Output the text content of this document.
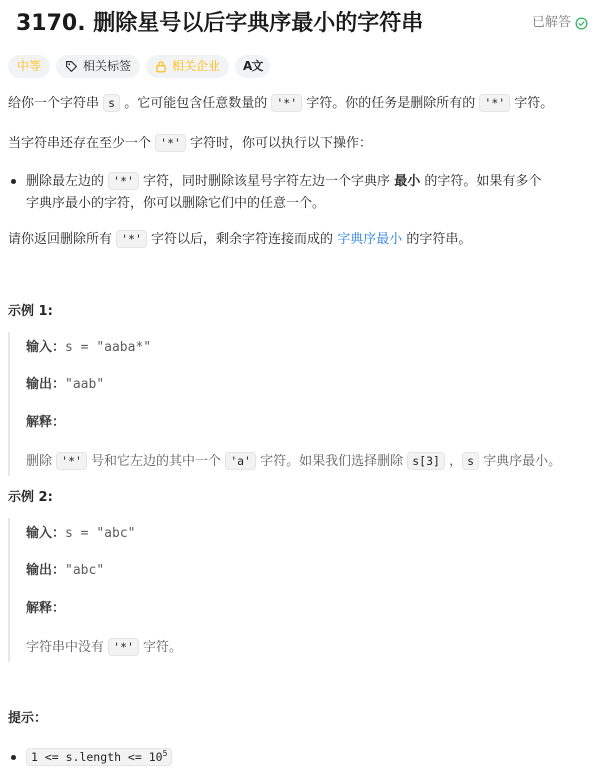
3170. 删除星号以后字典序最小的字符串	已解答
中等	相关标签	相关企业 A文

给你一个字符串 s 。它可能包含任意数量的 '*' 字符。你的任务是删除所有的 '*' 字符。

当字符串还存在至少一个 '*' 字符时，你可以执行以下操作：

删除最左边的 '*' 字符，同时删除该星号字符左边一个字典序 最小 的字符。如果有多个
字典序最小的字符，你可以删除它们中的任意一个。

请你返回删除所有 '*' 字符以后，剩余字符连接而成的 字典序最小 的字符串。

示例 1:
输入：s = "aaba*"
输出："aab"
解释：
删除 '*' 号和它左边的其中一个 'a' 字符。如果我们选择删除 s[3] ， s 字典序最小。
示例 2:
输入：s = "abc"
输出："abc"
解释：
字符串中没有 '*' 字符。
提示：
1 <= s.length <= $10^5$
